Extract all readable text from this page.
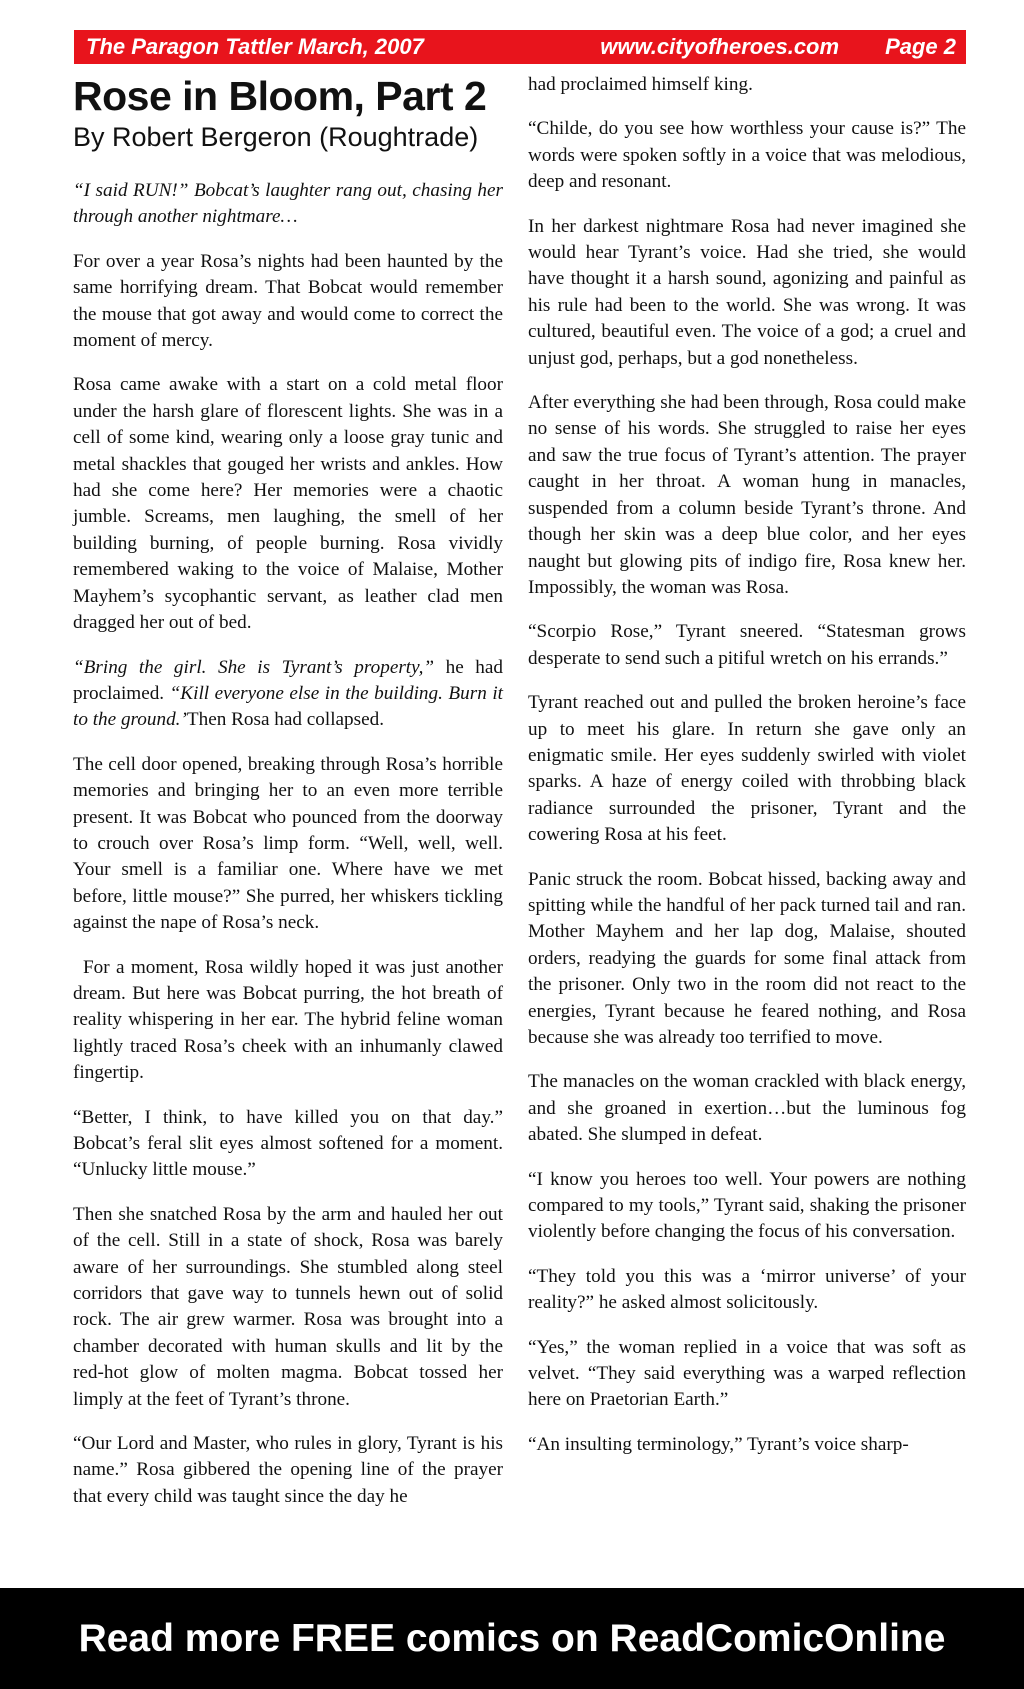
The Paragon Tattler March, 2007	www.cityofheroes.com Page 2
Rose in Bloom, Part 2
By Robert Bergeron (Roughtrade)

“I said RUN!” Bobcat’s laughter rang out, chasing her through another nightmare…

For over a year Rosa’s nights had been haunted by the same horrifying dream. That Bobcat would remember the mouse that got away and would come to correct the moment of mercy.

Rosa came awake with a start on a cold metal floor under the harsh glare of florescent lights. She was in a cell of some kind, wearing only a loose gray tunic and metal shackles that gouged her wrists and ankles. How had she come here? Her memories were a chaotic jumble. Screams, men laughing, the smell of her building burning, of people burning. Rosa vividly remembered waking to the voice of Malaise, Mother Mayhem’s sycophantic servant, as leather clad men dragged her out of bed.

“Bring the girl. She is Tyrant’s property,” he had proclaimed. “Kill everyone else in the building. Burn it to the ground.’Then Rosa had collapsed.

The cell door opened, breaking through Rosa’s horrible memories and bringing her to an even more terrible present. It was Bobcat who pounced from the doorway to crouch over Rosa’s limp form. “Well, well, well. Your smell is a familiar one. Where have we met before, little mouse?” She purred, her whiskers tickling against the nape of Rosa’s neck.

For a moment, Rosa wildly hoped it was just another dream. But here was Bobcat purring, the hot breath of reality whispering in her ear. The hybrid feline woman lightly traced Rosa’s cheek with an inhumanly clawed fingertip.

“Better, I think, to have killed you on that day.” Bobcat’s feral slit eyes almost softened for a moment. “Unlucky little mouse.”

Then she snatched Rosa by the arm and hauled her out of the cell. Still in a state of shock, Rosa was barely aware of her surroundings. She stumbled along steel corridors that gave way to tunnels hewn out of solid rock. The air grew warmer. Rosa was brought into a chamber decorated with human skulls and lit by the red-hot glow of molten magma. Bobcat tossed her limply at the feet of Tyrant’s throne.

“Our Lord and Master, who rules in glory, Tyrant is his name.” Rosa gibbered the opening line of the prayer that every child was taught since the day he

had proclaimed himself king.

“Childe, do you see how worthless your cause is?” The words were spoken softly in a voice that was melodious, deep and resonant.

In her darkest nightmare Rosa had never imagined she would hear Tyrant’s voice. Had she tried, she would have thought it a harsh sound, agonizing and painful as his rule had been to the world. She was wrong. It was cultured, beautiful even. The voice of a god; a cruel and unjust god, perhaps, but a god nonetheless.

After everything she had been through, Rosa could make no sense of his words. She struggled to raise her eyes and saw the true focus of Tyrant’s attention. The prayer caught in her throat. A woman hung in manacles, suspended from a column beside Tyrant’s throne. And though her skin was a deep blue color, and her eyes naught but glowing pits of indigo fire, Rosa knew her. Impossibly, the woman was Rosa.

“Scorpio Rose,” Tyrant sneered. “Statesman grows desperate to send such a pitiful wretch on his errands.”

Tyrant reached out and pulled the broken heroine’s face up to meet his glare. In return she gave only an enigmatic smile. Her eyes suddenly swirled with violet sparks. A haze of energy coiled with throbbing black radiance surrounded the prisoner, Tyrant and the cowering Rosa at his feet.

Panic struck the room. Bobcat hissed, backing away and spitting while the handful of her pack turned tail and ran. Mother Mayhem and her lap dog, Malaise, shouted orders, readying the guards for some final attack from the prisoner. Only two in the room did not react to the energies, Tyrant because he feared nothing, and Rosa because she was already too terrified to move.

The manacles on the woman crackled with black energy, and she groaned in exertion…but the luminous fog abated. She slumped in defeat.

“I know you heroes too well. Your powers are nothing compared to my tools,” Tyrant said, shaking the prisoner violently before changing the focus of his conversation.

“They told you this was a ‘mirror universe’ of your reality?” he asked almost solicitously.

“Yes,” the woman replied in a voice that was soft as velvet. “They said everything was a warped reflection here on Praetorian Earth.”

“An insulting terminology,” Tyrant’s voice sharp-

Read more FREE comics on ReadComicOnline
